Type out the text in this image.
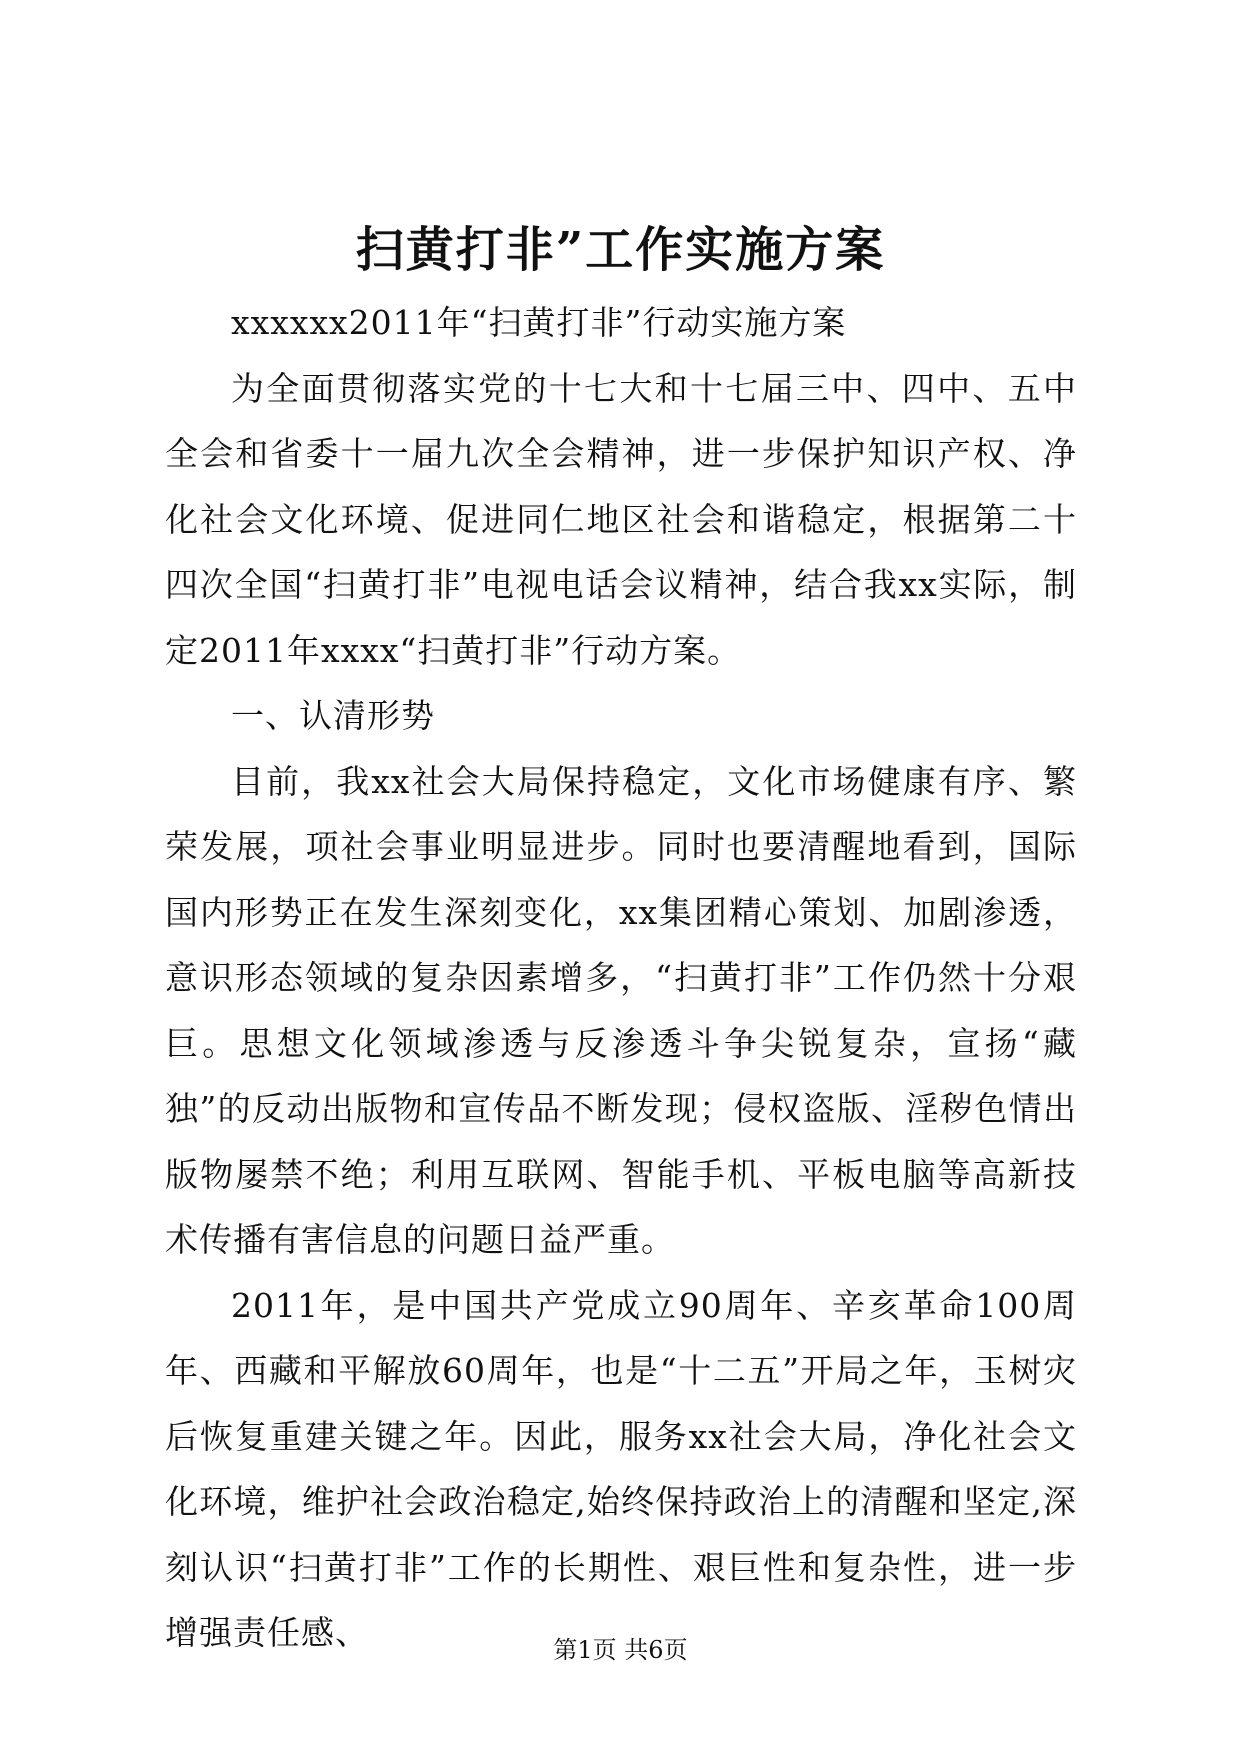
扫黄打非”工作实施方案

xxxxxx2011年“扫黄打非”行动实施方案

为全面贯彻落实党的十七大和十七届三中、四中、五中全会和省委十一届九次全会精神，进一步保护知识产权、净化社会文化环境、促进同仁地区社会和谐稳定，根据第二十四次全国“扫黄打非”电视电话会议精神，结合我xx实际，制定2011年xxxx“扫黄打非”行动方案。

一、认清形势

目前，我xx社会大局保持稳定，文化市场健康有序、繁荣发展，项社会事业明显进步。同时也要清醒地看到，国际国内形势正在发生深刻变化，xx集团精心策划、加剧渗透，意识形态领域的复杂因素增多，“扫黄打非”工作仍然十分艰巨。思想文化领域渗透与反渗透斗争尖锐复杂，宣扬“藏独”的反动出版物和宣传品不断发现；侵权盗版、淫秽色情出版物屡禁不绝；利用互联网、智能手机、平板电脑等高新技术传播有害信息的问题日益严重。

2011年，是中国共产党成立90周年、辛亥革命100周年、西藏和平解放60周年，也是“十二五”开局之年，玉树灾后恢复重建关键之年。因此，服务xx社会大局，净化社会文化环境，维护社会政治稳定,始终保持政治上的清醒和坚定,深刻认识“扫黄打非”工作的长期性、艰巨性和复杂性，进一步增强责任感、	第1页 共6页
